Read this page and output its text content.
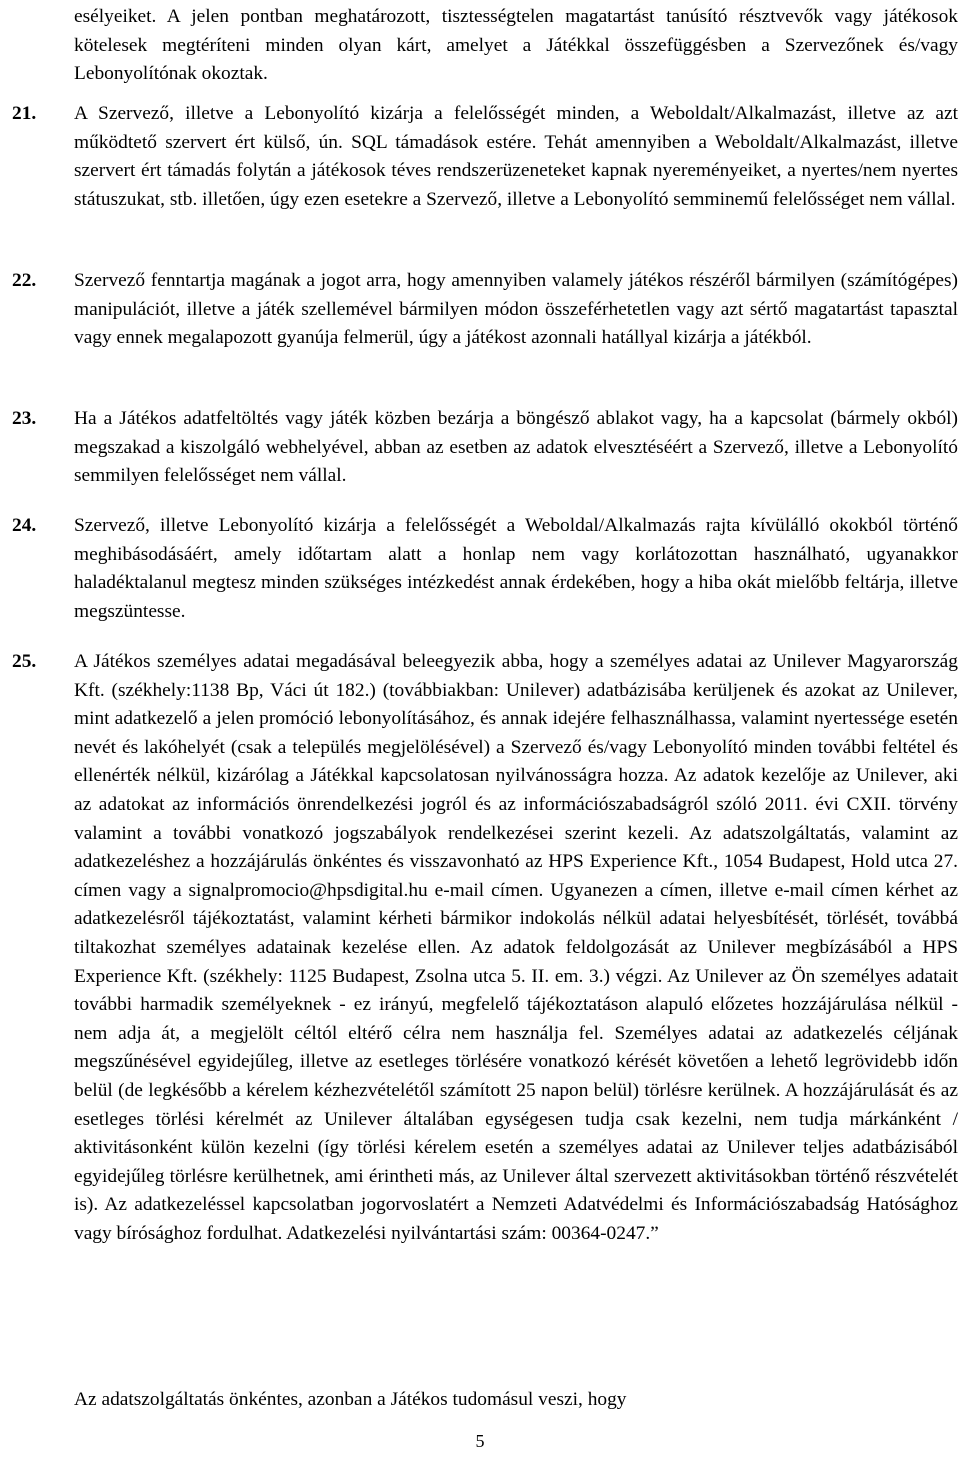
esélyeiket. A jelen pontban meghatározott, tisztességtelen magatartást tanúsító résztvevők vagy játékosok kötelesek megtéríteni minden olyan kárt, amelyet a Játékkal összefüggésben a Szervezőnek és/vagy Lebonyolítónak okoztak.

21. A Szervező, illetve a Lebonyolító kizárja a felelősségét minden, a Weboldalt/Alkalmazást, illetve az azt működtető szervert ért külső, ún. SQL támadások estére. Tehát amennyiben a Weboldalt/Alkalmazást, illetve szervert ért támadás folytán a játékosok téves rendszerüzeneteket kapnak nyereményeiket, a nyertes/nem nyertes státuszukat, stb. illetően, úgy ezen esetekre a Szervező, illetve a Lebonyolító semminemű felelősséget nem vállal.

22. Szervező fenntartja magának a jogot arra, hogy amennyiben valamely játékos részéről bármilyen (számítógépes) manipulációt, illetve a játék szellemével bármilyen módon összeférhetetlen vagy azt sértő magatartást tapasztal vagy ennek megalapozott gyanúja felmerül, úgy a játékost azonnali hatállyal kizárja a játékból.

23. Ha a Játékos adatfeltöltés vagy játék közben bezárja a böngésző ablakot vagy, ha a kapcsolat (bármely okból) megszakad a kiszolgáló webhelyével, abban az esetben az adatok elvesztéséért a Szervező, illetve a Lebonyolító semmilyen felelősséget nem vállal.

24. Szervező, illetve Lebonyolító kizárja a felelősségét a Weboldal/Alkalmazás rajta kívülálló okokból történő meghibásodásáért, amely időtartam alatt a honlap nem vagy korlátozottan használható, ugyanakkor haladéktalanul megtesz minden szükséges intézkedést annak érdekében, hogy a hiba okát mielőbb feltárja, illetve megszüntesse.

25. A Játékos személyes adatai megadásával beleegyezik abba, hogy a személyes adatai az Unilever Magyarország Kft. (székhely:1138 Bp, Váci út 182.) (továbbiakban: Unilever) adatbázisába kerüljenek és azokat az Unilever, mint adatkezelő a jelen promóció lebonyolításához, és annak idejére felhasználhassa, valamint nyertessége esetén nevét és lakóhelyét (csak a település megjelölésével) a Szervező és/vagy Lebonyolító minden további feltétel és ellenérték nélkül, kizárólag a Játékkal kapcsolatosan nyilvánosságra hozza. Az adatok kezelője az Unilever, aki az adatokat az információs önrendelkezési jogról és az információszabadságról szóló 2011. évi CXII. törvény valamint a további vonatkozó jogszabályok rendelkezései szerint kezeli. Az adatszolgáltatás, valamint az adatkezeléshez a hozzájárulás önkéntes és visszavonható az HPS Experience Kft., 1054 Budapest, Hold utca 27. címen vagy a signalpromocio@hpsdigital.hu e-mail címen. Ugyanezen a címen, illetve e-mail címen kérhet az adatkezelésről tájékoztatást, valamint kérheti bármikor indokolás nélkül adatai helyesbítését, törlését, továbbá tiltakozhat személyes adatainak kezelése ellen. Az adatok feldolgozását az Unilever megbízásából a HPS Experience Kft. (székhely: 1125 Budapest, Zsolna utca 5. II. em. 3.) végzi. Az Unilever az Ön személyes adatait további harmadik személyeknek - ez irányú, megfelelő tájékoztatáson alapuló előzetes hozzájárulása nélkül - nem adja át, a megjelölt céltól eltérő célra nem használja fel. Személyes adatai az adatkezelés céljának megszűnésével egyidejűleg, illetve az esetleges törlésére vonatkozó kérését követően a lehető legrövidebb időn belül (de legkésőbb a kérelem kézhezvételétől számított 25 napon belül) törlésre kerülnek. A hozzájárulását és az esetleges törlési kérelmét az Unilever általában egységesen tudja csak kezelni, nem tudja márkánként / aktivitásonként külön kezelni (így törlési kérelem esetén a személyes adatai az Unilever teljes adatbázisából egyidejűleg törlésre kerülhetnek, ami érintheti más, az Unilever által szervezett aktivitásokban történő részvételét is). Az adatkezeléssel kapcsolatban jogorvoslatért a Nemzeti Adatvédelmi és Információszabadság Hatósághoz vagy bírósághoz fordulhat. Adatkezelési nyilvántartási szám: 00364-0247.”

Az adatszolgáltatás önkéntes, azonban a Játékos tudomásul veszi, hogy

5
